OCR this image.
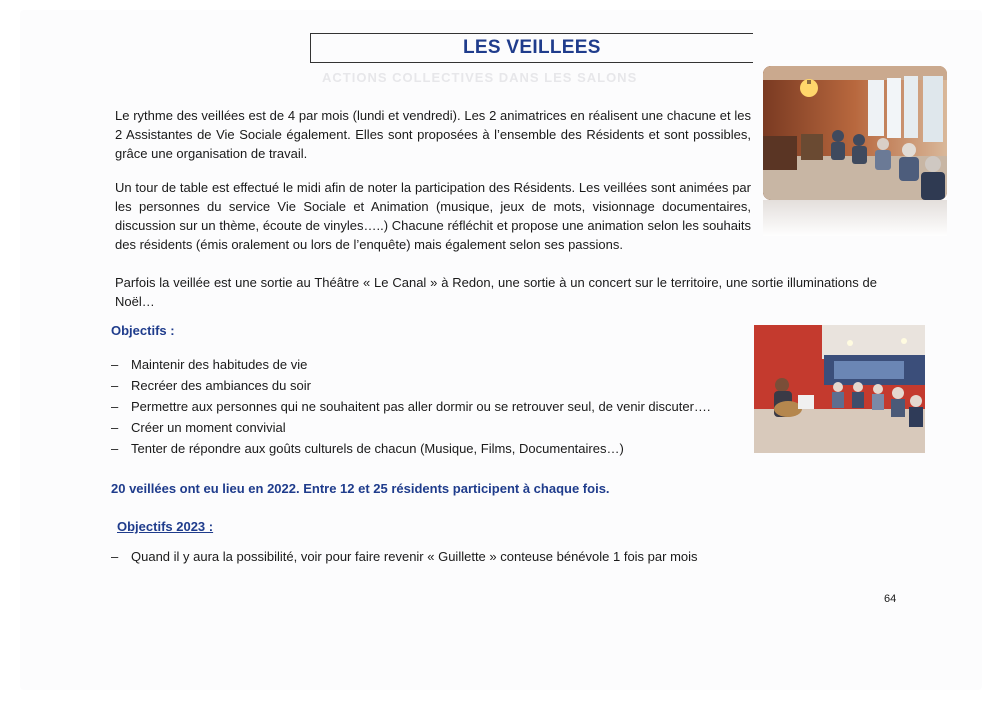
ACTIONS COLLECTIVES DANS LES SALONS
LES VEILLEES

Le rythme des veillées est de 4 par mois (lundi et vendredi). Les 2 animatrices en réalisent une chacune et les 2 Assistantes de Vie Sociale également. Elles sont proposées à l’ensemble des Résidents et sont possibles, grâce une organisation de travail.

Un tour de table est effectué le midi afin de noter la participation des Résidents. Les veillées sont animées par les personnes du service Vie Sociale et Animation (musique, jeux de mots, visionnage documentaires, discussion sur un thème, écoute de vinyles…..) Chacune réfléchit et propose une animation selon les souhaits des résidents (émis oralement ou lors de l’enquête) mais également selon ses passions.

Parfois la veillée est une sortie au Théâtre « Le Canal » à Redon, une sortie à un concert sur le territoire, une sortie illuminations de Noël…

Objectifs :
– Maintenir des habitudes de vie
– Recréer des ambiances du soir
– Permettre aux personnes qui ne souhaitent pas aller dormir ou se retrouver seul, de venir discuter….
– Créer un moment convivial
– Tenter de répondre aux goûts culturels de chacun (Musique, Films, Documentaires…)
20 veillées ont eu lieu en 2022. Entre 12 et 25 résidents participent à chaque fois.
Objectifs 2023 :
– Quand il y aura la possibilité, voir pour faire revenir « Guillette » conteuse bénévole 1 fois par mois
64
